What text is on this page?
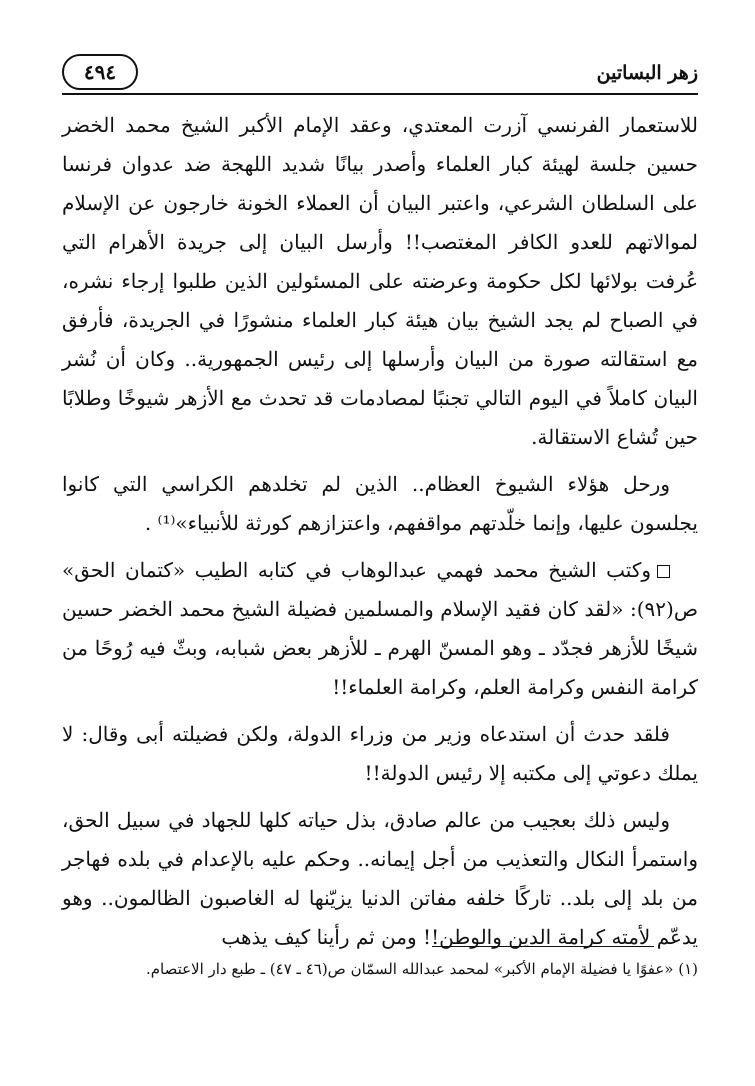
زهر البساتين
٤٩٤

للاستعمار الفرنسي آزرت المعتدي، وعقد الإمام الأكبر الشيخ محمد الخضر حسين جلسة لهيئة كبار العلماء وأصدر بيانًا شديد اللهجة ضد عدوان فرنسا على السلطان الشرعي، واعتبر البيان أن العملاء الخونة خارجون عن الإسلام لموالاتهم للعدو الكافر المغتصب!! وأرسل البيان إلى جريدة الأهرام التي عُرفت بولائها لكل حكومة وعرضته على المسئولين الذين طلبوا إرجاء نشره، في الصباح لم يجد الشيخ بيان هيئة كبار العلماء منشورًا في الجريدة، فأرفق مع استقالته صورة من البيان وأرسلها إلى رئيس الجمهورية.. وكان أن نُشر البيان كاملاً في اليوم التالي تجنبًا لمصادمات قد تحدث مع الأزهر شيوخًا وطلابًا حين تُشاع الاستقالة.

ورحل هؤلاء الشيوخ العظام.. الذين لم تخلدهم الكراسي التي كانوا يجلسون عليها، وإنما خلّدتهم مواقفهم، واعتزازهم كورثة للأنبياء»⁽¹⁾ .

وكتب الشيخ محمد فهمي عبدالوهاب في كتابه الطيب «كتمان الحق» ص(٩٢): «لقد كان فقيد الإسلام والمسلمين فضيلة الشيخ محمد الخضر حسين شيخًا للأزهر فجدّد ـ وهو المسنّ الهرم ـ للأزهر بعض شبابه، وبثّ فيه رُوحًا من كرامة النفس وكرامة العلم، وكرامة العلماء!!

فلقد حدث أن استدعاه وزير من وزراء الدولة، ولكن فضيلته أبى وقال: لا يملك دعوتي إلى مكتبه إلا رئيس الدولة!!

وليس ذلك بعجيب من عالم صادق، بذل حياته كلها للجهاد في سبيل الحق، واستمرأ النكال والتعذيب من أجل إيمانه.. وحكم عليه بالإعدام في بلده فهاجر من بلد إلى بلد.. تاركًا خلفه مفاتن الدنيا يزيّنها له الغاصبون الظالمون.. وهو يدعّم لأمته كرامة الدين والوطن!! ومن ثم رأينا كيف يذهب

(١) «عفوًا يا فضيلة الإمام الأكبر» لمحمد عبدالله السمّان ص(٤٦ ـ ٤٧) ـ طبع دار الاعتصام.
